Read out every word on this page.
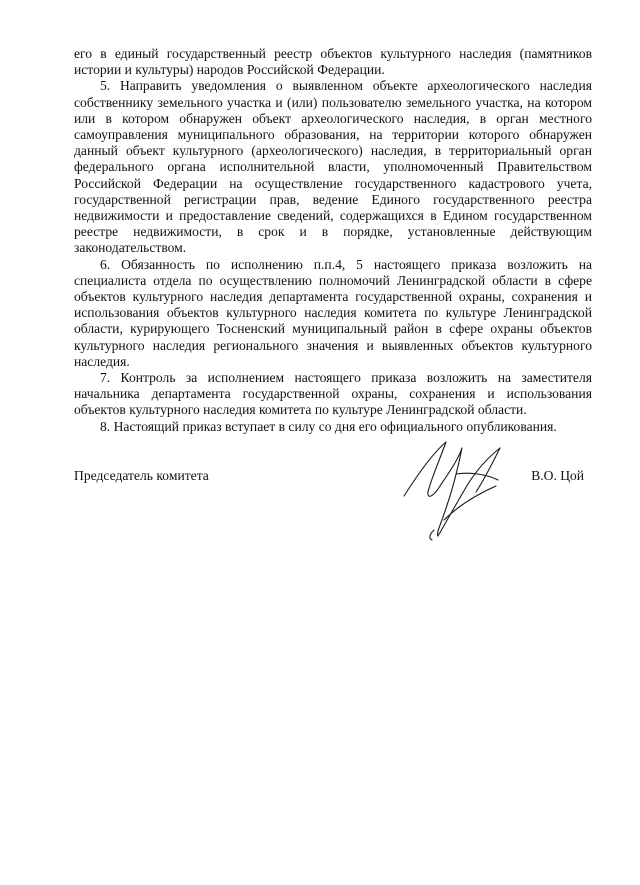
его в единый государственный реестр объектов культурного наследия (памятников истории и культуры) народов Российской Федерации.

5. Направить уведомления о выявленном объекте археологического наследия собственнику земельного участка и (или) пользователю земельного участка, на котором или в котором обнаружен объект археологического наследия, в орган местного самоуправления муниципального образования, на территории которого обнаружен данный объект культурного (археологического) наследия, в территориальный орган федерального органа исполнительной власти, уполномоченный Правительством Российской Федерации на осуществление государственного кадастрового учета, государственной регистрации прав, ведение Единого государственного реестра недвижимости и предоставление сведений, содержащихся в Едином государственном реестре недвижимости, в срок и в порядке, установленные действующим законодательством.

6. Обязанность по исполнению п.п.4, 5 настоящего приказа возложить на специалиста отдела по осуществлению полномочий Ленинградской области в сфере объектов культурного наследия департамента государственной охраны, сохранения и использования объектов культурного наследия комитета по культуре Ленинградской области, курирующего Тосненский муниципальный район в сфере охраны объектов культурного наследия регионального значения и выявленных объектов культурного наследия.

7. Контроль за исполнением настоящего приказа возложить на заместителя начальника департамента государственной охраны, сохранения и использования объектов культурного наследия комитета по культуре Ленинградской области.

8. Настоящий приказ вступает в силу со дня его официального опубликования.

Председатель комитета	В.О. Цой
